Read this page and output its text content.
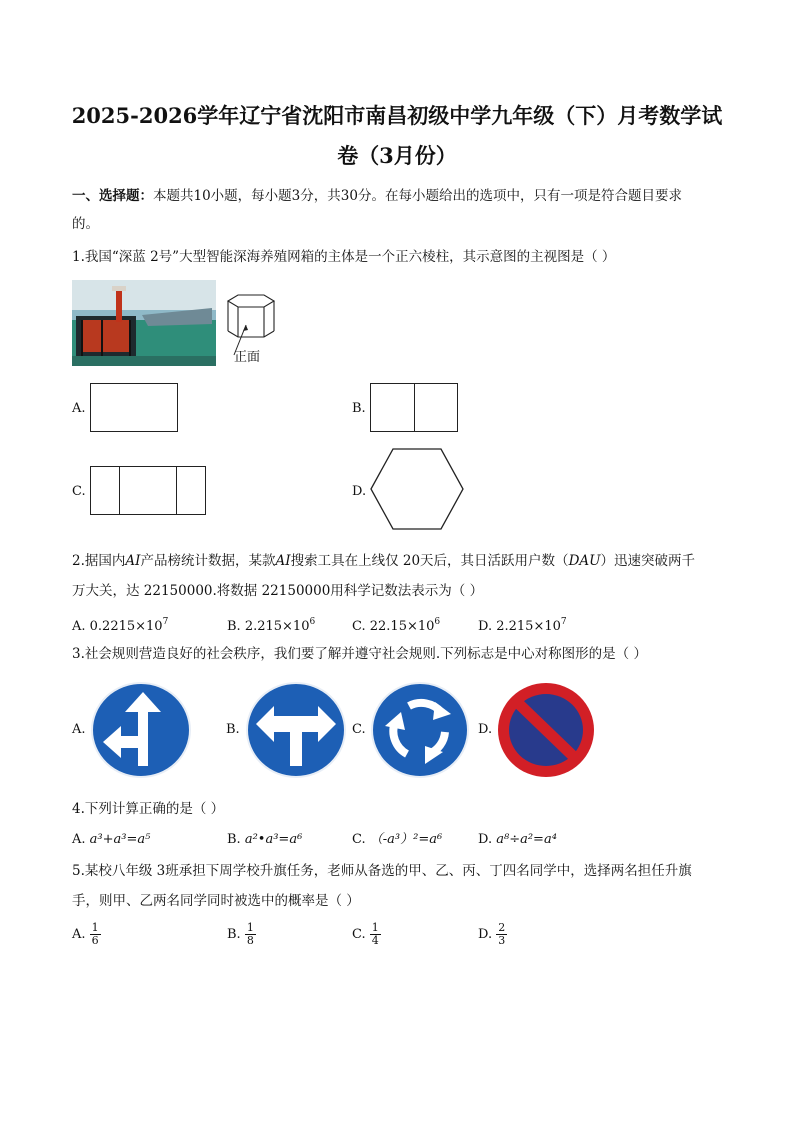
2025-2026学年辽宁省沈阳市南昌初级中学九年级（下）月考数学试
卷（3月份）
一、选择题：本题共10小题，每小题3分，共30分。在每小题给出的选项中，只有一项是符合题目要求
的。
1.我国“深蓝 2号”大型智能深海养殖网箱的主体是一个正六棱柱，其示意图的主视图是（ ）
正面
A.	B.
C.	D.
2.据国内AI产品榜统计数据，某款AI搜索工具在上线仅 20天后，其日活跃用户数（DAU）迅速突破两千
万大关，达 22150000.将数据 22150000用科学记数法表示为（ ）
A. $0.2215\times 10^7$	B. $2.215\times 10^6$	C. $22.15\times 10^6$	D. $2.215\times 10^7$
3.社会规则营造良好的社会秩序，我们要了解并遵守社会规则.下列标志是中心对称图形的是（ ）
A.	B.	C.	D.
4.下列计算正确的是（ ）
A. a³+a³=a⁵	B. a²•a³=a⁶	C. （-a³）²=a⁶	D. a⁸÷a²=a⁴
5.某校八年级 3班承担下周学校升旗任务，老师从备选的甲、乙、丙、丁四名同学中，选择两名担任升旗
手，则甲、乙两名同学同时被选中的概率是（ ）
A. $\frac{1}{6}$	B. $\frac{1}{8}$	C. $\frac{1}{4}$	D. $\frac{2}{3}$
